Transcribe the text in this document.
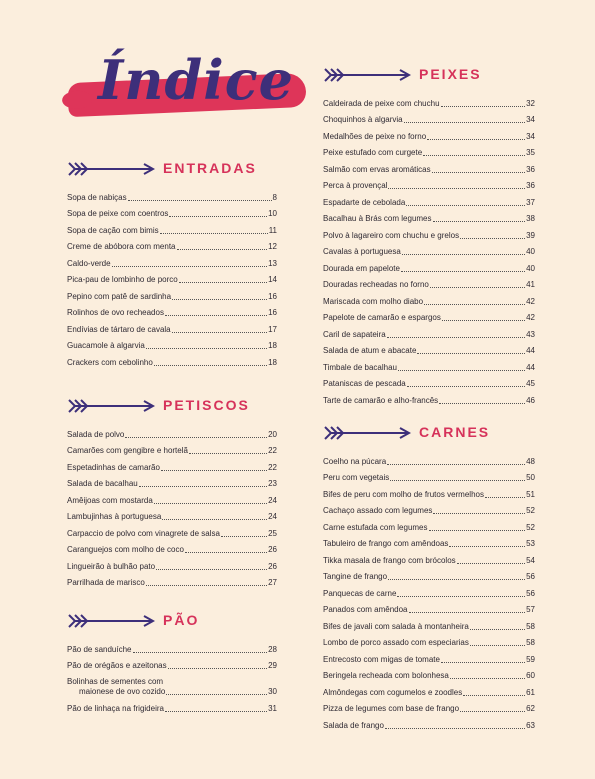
Índice
ENTRADAS
Sopa de nabiças	8
Sopa de peixe com coentros	10
Sopa de cação com bimis	11
Creme de abóbora com menta	12
Caldo-verde	13
Pica-pau de lombinho de porco	14
Pepino com patê de sardinha	16
Rolinhos de ovo recheados	16
Endívias de tártaro de cavala	17
Guacamole à algarvia	18
Crackers com cebolinho	18
PETISCOS
Salada de polvo	20
Camarões com gengibre e hortelã	22
Espetadinhas de camarão	22
Salada de bacalhau	23
Amêijoas com mostarda	24
Lambujinhas à portuguesa	24
Carpaccio de polvo com vinagrete de salsa	25
Caranguejos com molho de coco	26
Lingueirão à bulhão pato	26
Parrilhada de marisco	27
PÃO
Pão de sanduíche	28
Pão de orégãos e azeitonas	29
Bolinhas de sementes com
maionese de ovo cozido	30
Pão de linhaça na frigideira	31
PEIXES
Caldeirada de peixe com chuchu	32
Choquinhos à algarvia	34
Medalhões de peixe no forno	34
Peixe estufado com curgete	35
Salmão com ervas aromáticas	36
Perca à provençal	36
Espadarte de cebolada	37
Bacalhau à Brás com legumes	38
Polvo à lagareiro com chuchu e grelos	39
Cavalas à portuguesa	40
Dourada em papelote	40
Douradas recheadas no forno	41
Mariscada com molho diabo	42
Papelote de camarão e espargos	42
Caril de sapateira	43
Salada de atum e abacate	44
Timbale de bacalhau	44
Pataniscas de pescada	45
Tarte de camarão e alho-francês	46
CARNES
Coelho na púcara	48
Peru com vegetais	50
Bifes de peru com molho de frutos vermelhos	51
Cachaço assado com legumes	52
Carne estufada com legumes	52
Tabuleiro de frango com amêndoas	53
Tikka masala de frango com brócolos	54
Tangine de frango	56
Panquecas de carne	56
Panados com amêndoa	57
Bifes de javali com salada à montanheira	58
Lombo de porco assado com especiarias	58
Entrecosto com migas de tomate	59
Beringela recheada com bolonhesa	60
Almôndegas com cogumelos e zoodles	61
Pizza de legumes com base de frango	62
Salada de frango	63
